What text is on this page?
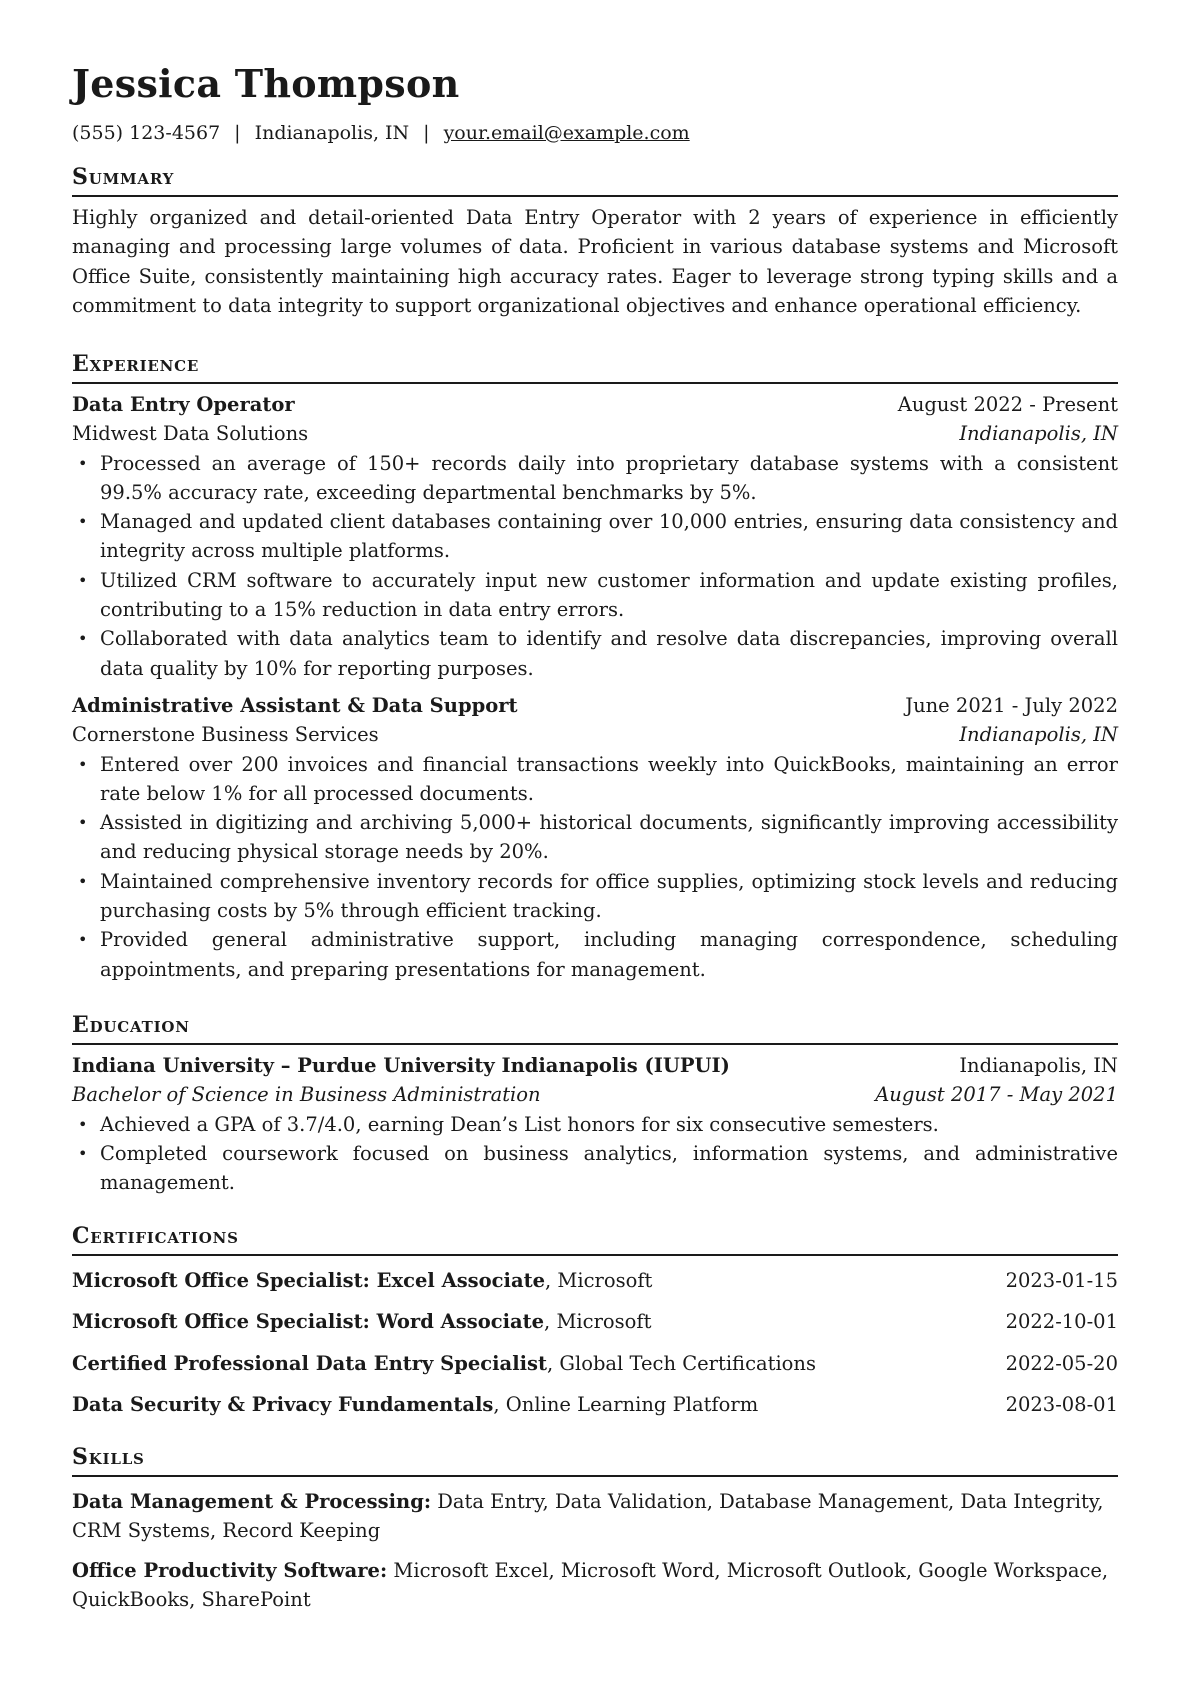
Jessica Thompson
(555) 123-4567 | Indianapolis, IN | your.email@example.com
Summary
Highly organized and detail-oriented Data Entry Operator with 2 years of experience in efficiently managing and processing large volumes of data. Proficient in various database systems and Microsoft Office Suite, consistently maintaining high accuracy rates. Eager to leverage strong typing skills and a commitment to data integrity to support organizational objectives and enhance operational efficiency.
Experience
Data Entry Operator	August 2022 - Present
Midwest Data Solutions	Indianapolis, IN
• Processed an average of 150+ records daily into proprietary database systems with a consistent 99.5% accuracy rate, exceeding departmental benchmarks by 5%.
• Managed and updated client databases containing over 10,000 entries, ensuring data consistency and integrity across multiple platforms.
• Utilized CRM software to accurately input new customer information and update existing profiles, contributing to a 15% reduction in data entry errors.
• Collaborated with data analytics team to identify and resolve data discrepancies, improving overall data quality by 10% for reporting purposes.
Administrative Assistant & Data Support	June 2021 - July 2022
Cornerstone Business Services	Indianapolis, IN
• Entered over 200 invoices and financial transactions weekly into QuickBooks, maintaining an error rate below 1% for all processed documents.
• Assisted in digitizing and archiving 5,000+ historical documents, significantly improving accessibility and reducing physical storage needs by 20%.
• Maintained comprehensive inventory records for office supplies, optimizing stock levels and reducing purchasing costs by 5% through efficient tracking.
• Provided general administrative support, including managing correspondence, scheduling appointments, and preparing presentations for management.
Education
Indiana University – Purdue University Indianapolis (IUPUI)	Indianapolis, IN
Bachelor of Science in Business Administration	August 2017 - May 2021
• Achieved a GPA of 3.7/4.0, earning Dean’s List honors for six consecutive semesters.
• Completed coursework focused on business analytics, information systems, and administrative management.
Certifications
Microsoft Office Specialist: Excel Associate, Microsoft	2023-01-15
Microsoft Office Specialist: Word Associate, Microsoft	2022-10-01
Certified Professional Data Entry Specialist, Global Tech Certifications	2022-05-20
Data Security & Privacy Fundamentals, Online Learning Platform	2023-08-01
Skills
Data Management & Processing: Data Entry, Data Validation, Database Management, Data Integrity, CRM Systems, Record Keeping
Office Productivity Software: Microsoft Excel, Microsoft Word, Microsoft Outlook, Google Workspace, QuickBooks, SharePoint
